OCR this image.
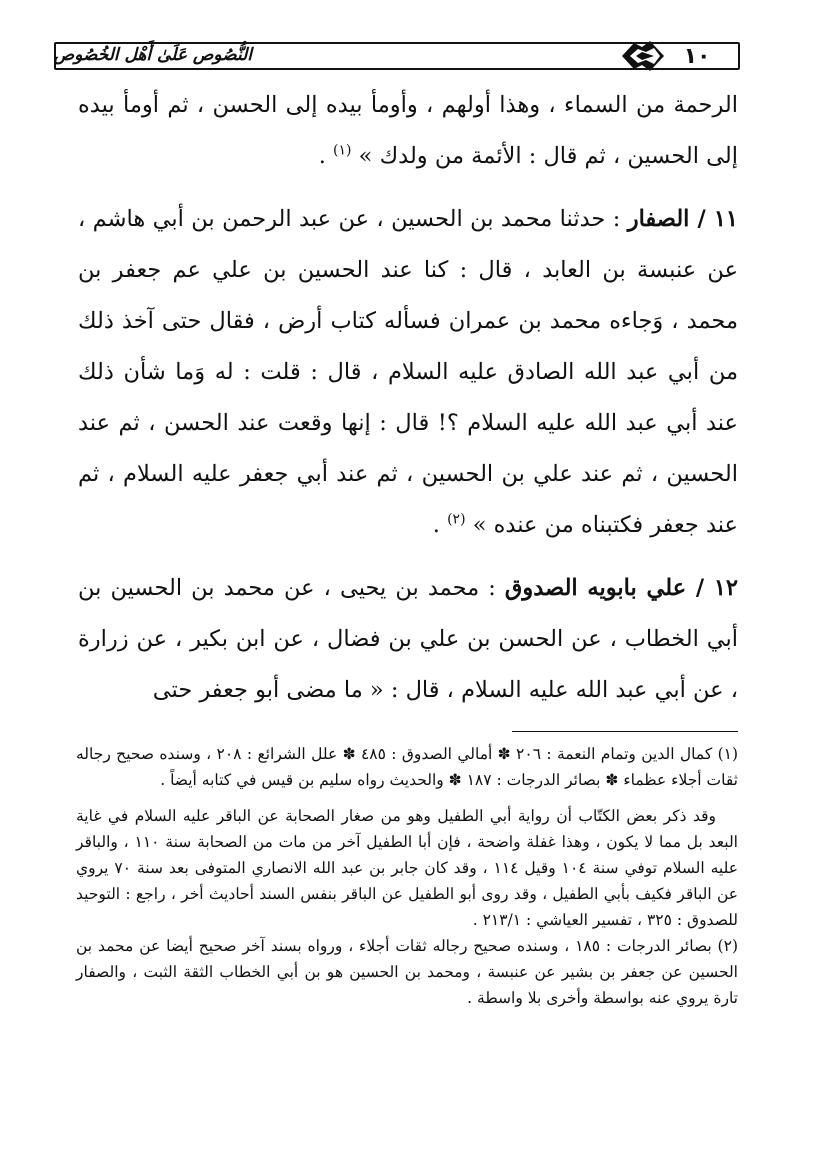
١٠
النُّصُوص عَلَىٰ أَهْل الخُصُوص

الرحمة من السماء ، وهذا أولهم ، وأومأ بيده إلى الحسن ، ثم أومأ بيده إلى الحسين ، ثم قال : الأئمة من ولدك » $^{(١)}$ .

١١ / الصفار : حدثنا محمد بن الحسين ، عن عبد الرحمن بن أبي هاشم ، عن عنبسة بن العابد ، قال : كنا عند الحسين بن علي عم جعفر بن محمد ، وَجاءه محمد بن عمران فسأله كتاب أرض ، فقال حتى آخذ ذلك من أبي عبد الله الصادق عليه السلام ، قال : قلت : له وَما شأن ذلك عند أبي عبد الله عليه السلام ؟! قال : إنها وقعت عند الحسن ، ثم عند الحسين ، ثم عند علي بن الحسين ، ثم عند أبي جعفر عليه السلام ، ثم عند جعفر فكتبناه من عنده » $^{(٢)}$ .

١٢ / علي بابويه الصدوق : محمد بن يحيى ، عن محمد بن الحسين بن أبي الخطاب ، عن الحسن بن علي بن فضال ، عن ابن بكير ، عن زرارة ، عن أبي عبد الله عليه السلام ، قال : « ما مضى أبو جعفر حتى

(١) كمال الدين وتمام النعمة : ٢٠٦ ✽ أمالي الصدوق : ٤٨٥ ✽ علل الشرائع : ٢٠٨ ، وسنده صحيح رجاله ثقات أجلاء عظماء ✽ بصائر الدرجات : ١٨٧ ✽ والحديث رواه سليم بن قيس في كتابه أيضاً .

وقد ذكر بعض الكتّاب أن رواية أبي الطفيل وهو من صغار الصحابة عن الباقر عليه السلام في غاية البعد بل مما لا يكون ، وهذا غفلة واضحة ، فإن أبا الطفيل آخر من مات من الصحابة سنة ١١٠ ، والباقر عليه السلام توفي سنة ١٠٤ وقيل ١١٤ ، وقد كان جابر بن عبد الله الانصاري المتوفى بعد سنة ٧٠ يروي عن الباقر فكيف بأبي الطفيل ، وقد روى أبو الطفيل عن الباقر بنفس السند أحاديث أخر ، راجع : التوحيد للصدوق : ٣٢٥ ، تفسير العياشي : ٢١٣/١ .

(٢) بصائر الدرجات : ١٨٥ ، وسنده صحيح رجاله ثقات أجلاء ، ورواه بسند آخر صحيح أيضا عن محمد بن الحسين عن جعفر بن بشير عن عنبسة ، ومحمد بن الحسين هو بن أبي الخطاب الثقة الثبت ، والصفار تارة يروي عنه بواسطة وأخرى بلا واسطة .
